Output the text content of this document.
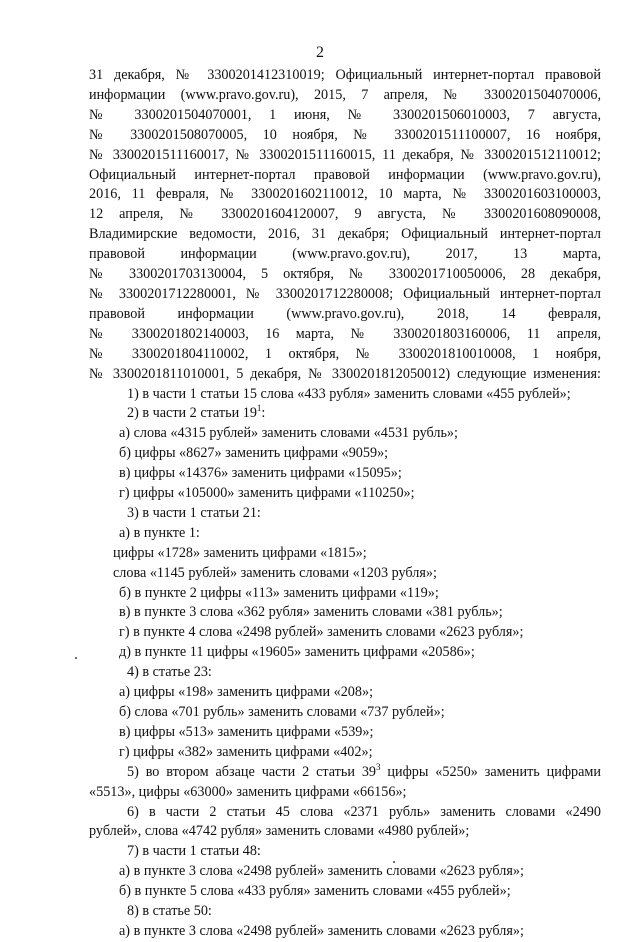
2
31 декабря, № 3300201412310019; Официальный интернет-портал правовой
информации (www.pravo.gov.ru), 2015, 7 апреля, № 3300201504070006,
№ 3300201504070001, 1 июня, № 3300201506010003, 7 августа,
№ 3300201508070005, 10 ноября, № 3300201511100007, 16 ноября,
№ 3300201511160017, № 3300201511160015, 11 декабря, № 3300201512110012;
Официальный интернет-портал правовой информации (www.pravo.gov.ru),
2016, 11 февраля, № 3300201602110012, 10 марта, № 3300201603100003,
12 апреля, № 3300201604120007, 9 августа, № 3300201608090008,
Владимирские ведомости, 2016, 31 декабря; Официальный интернет-портал
правовой информации (www.pravo.gov.ru), 2017, 13 марта,
№ 3300201703130004, 5 октября, № 3300201710050006, 28 декабря,
№ 3300201712280001, № 3300201712280008; Официальный интернет-портал
правовой информации (www.pravo.gov.ru), 2018, 14 февраля,
№ 3300201802140003, 16 марта, № 3300201803160006, 11 апреля,
№ 3300201804110002, 1 октября, № 3300201810010008, 1 ноября,
№ 3300201811010001, 5 декабря, № 3300201812050012) следующие изменения:
1) в части 1 статьи 15 слова «433 рубля» заменить словами «455 рублей»;
2) в части 2 статьи $19^1$:
а) слова «4315 рублей» заменить словами «4531 рубль»;
б) цифры «8627» заменить цифрами «9059»;
в) цифры «14376» заменить цифрами «15095»;
г) цифры «105000» заменить цифрами «110250»;
3) в части 1 статьи 21:
а) в пункте 1:
цифры «1728» заменить цифрами «1815»;
слова «1145 рублей» заменить словами «1203 рубля»;
б) в пункте 2 цифры «113» заменить цифрами «119»;
в) в пункте 3 слова «362 рубля» заменить словами «381 рубль»;
г) в пункте 4 слова «2498 рублей» заменить словами «2623 рубля»;
д) в пункте 11 цифры «19605» заменить цифрами «20586»;
4) в статье 23:
а) цифры «198» заменить цифрами «208»;
б) слова «701 рубль» заменить словами «737 рублей»;
в) цифры «513» заменить цифрами «539»;
г) цифры «382» заменить цифрами «402»;
5) во втором абзаце части 2 статьи $39^3$ цифры «5250» заменить цифрами
«5513», цифры «63000» заменить цифрами «66156»;
6) в части 2 статьи 45 слова «2371 рубль» заменить словами «2490
рублей», слова «4742 рубля» заменить словами «4980 рублей»;
7) в части 1 статьи 48:
а) в пункте 3 слова «2498 рублей» заменить словами «2623 рубля»;
б) в пункте 5 слова «433 рубля» заменить словами «455 рублей»;
8) в статье 50:
а) в пункте 3 слова «2498 рублей» заменить словами «2623 рубля»;
